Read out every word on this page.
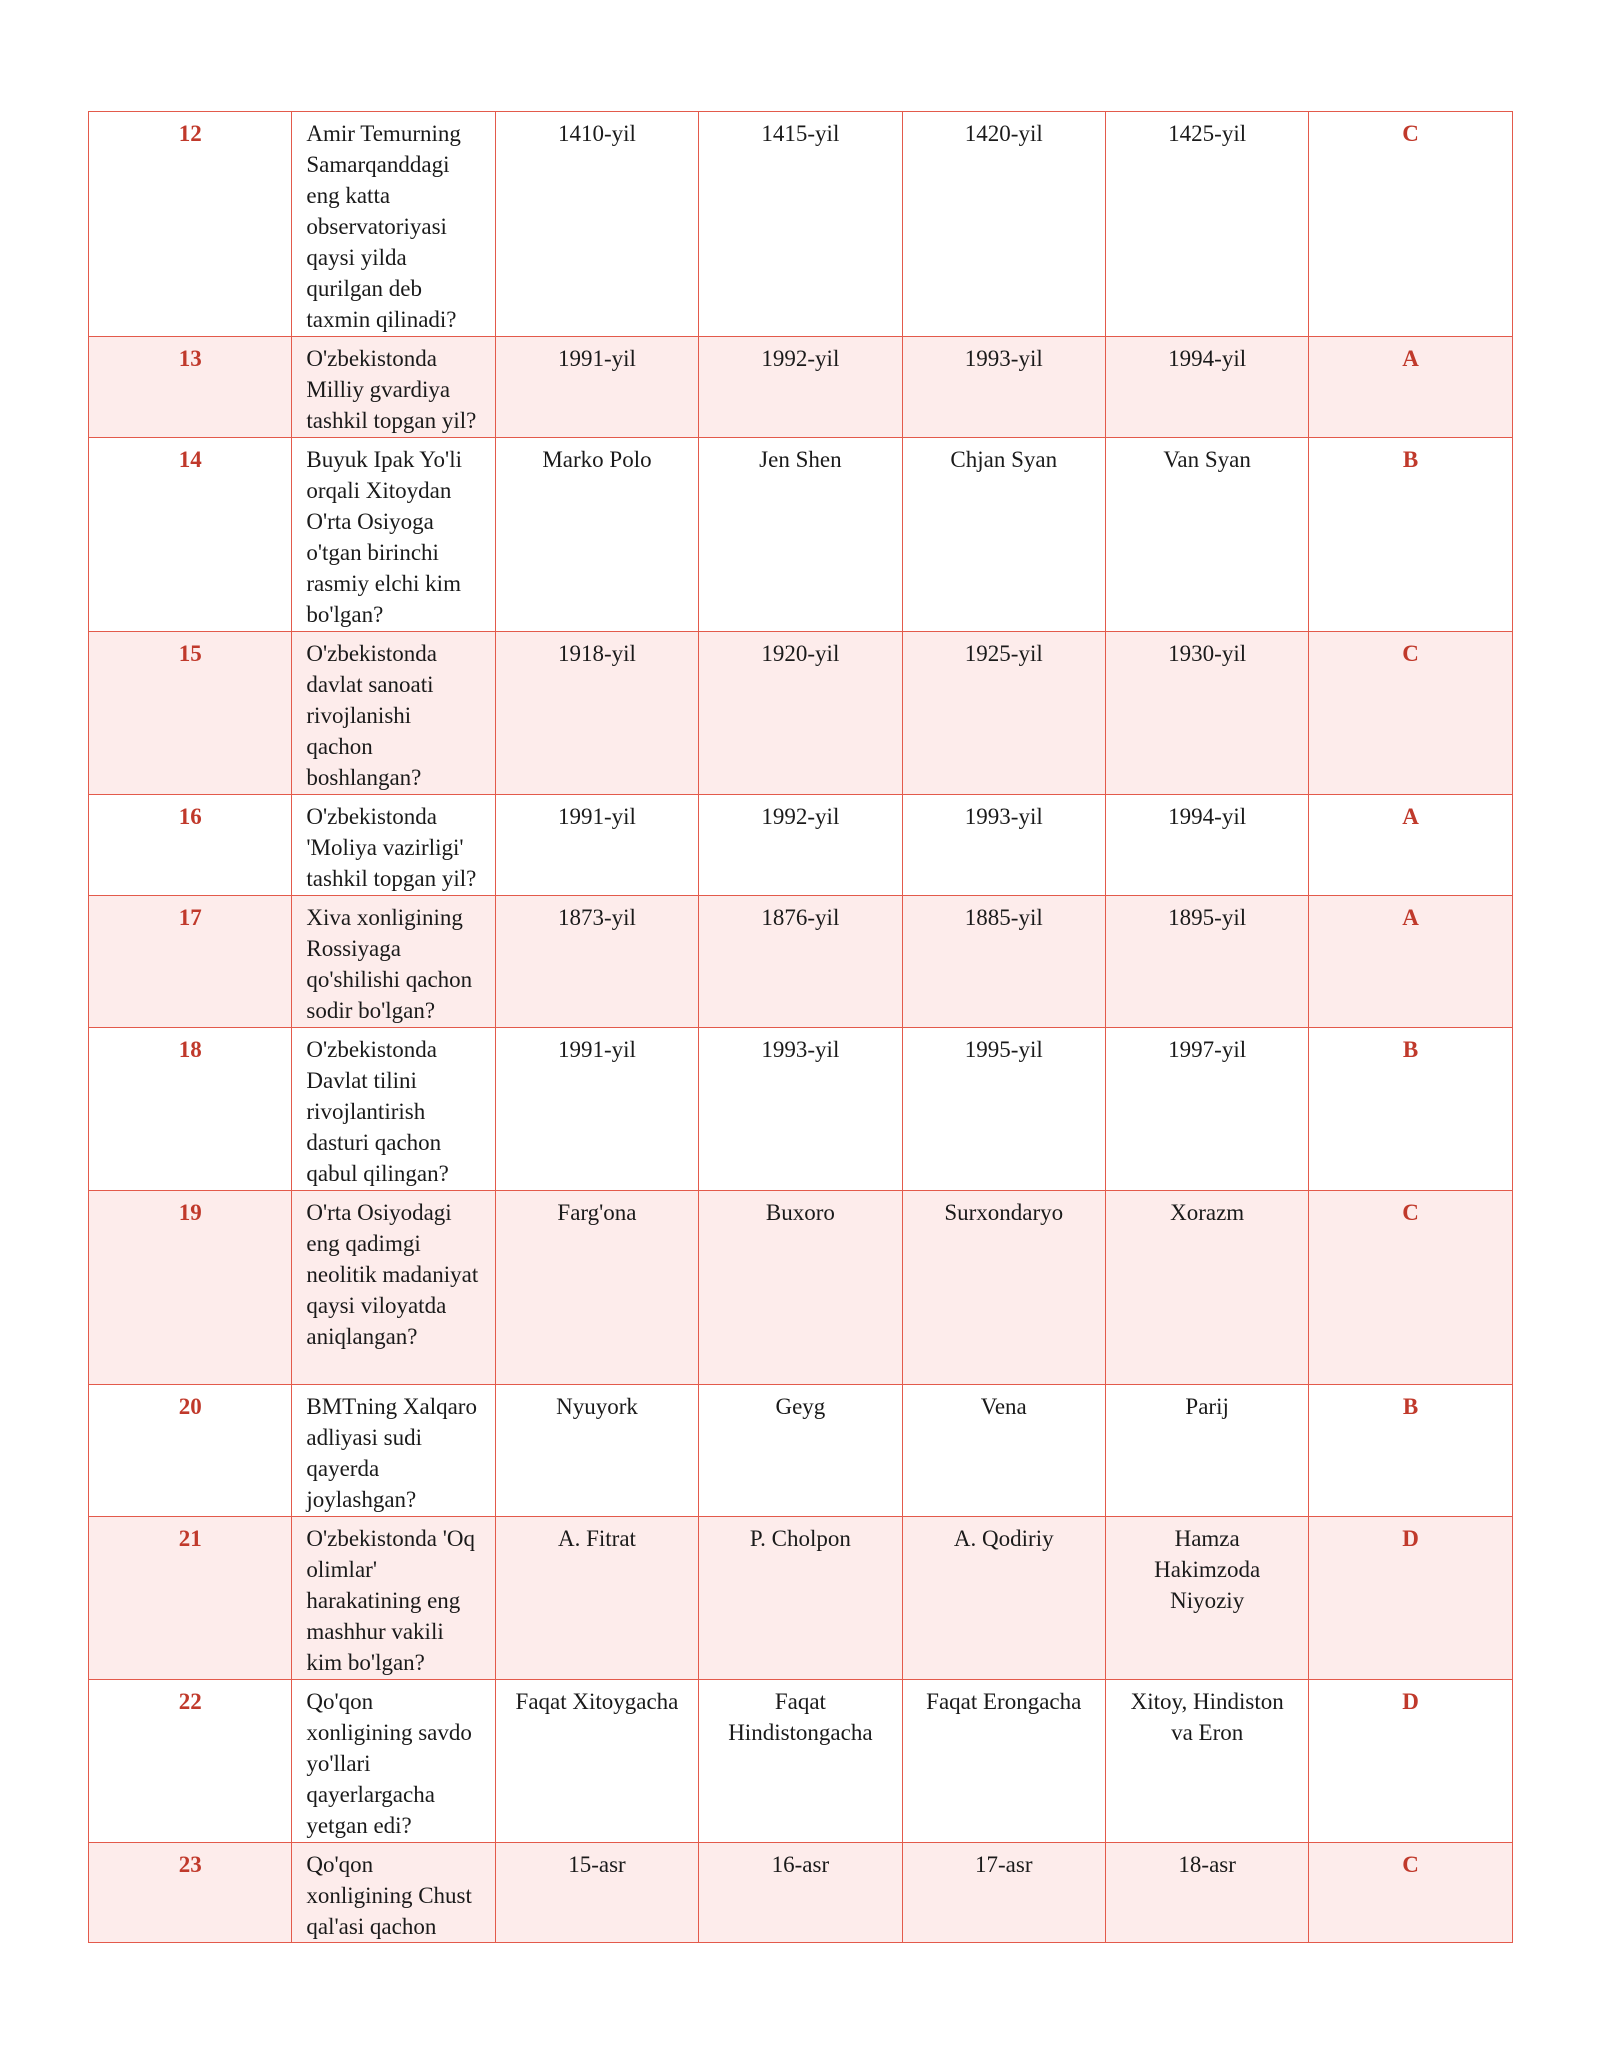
12	Amir Temurning Samarqanddagi eng katta observatoriyasi qaysi yilda qurilgan deb taxmin qilinadi?	1410-yil	1415-yil	1420-yil	1425-yil	C
13	O'zbekistonda Milliy gvardiya tashkil topgan yil?	1991-yil	1992-yil	1993-yil	1994-yil	A
14	Buyuk Ipak Yo'li orqali Xitoydan O'rta Osiyoga o'tgan birinchi rasmiy elchi kim bo'lgan?	Marko Polo	Jen Shen	Chjan Syan	Van Syan	B
15	O'zbekistonda davlat sanoati rivojlanishi qachon boshlangan?	1918-yil	1920-yil	1925-yil	1930-yil	C
16	O'zbekistonda 'Moliya vazirligi' tashkil topgan yil?	1991-yil	1992-yil	1993-yil	1994-yil	A
17	Xiva xonligining Rossiyaga qo'shilishi qachon sodir bo'lgan?	1873-yil	1876-yil	1885-yil	1895-yil	A
18	O'zbekistonda Davlat tilini rivojlantirish dasturi qachon qabul qilingan?	1991-yil	1993-yil	1995-yil	1997-yil	B
19	O'rta Osiyodagi eng qadimgi neolitik madaniyat qaysi viloyatda aniqlangan?	Farg'ona	Buxoro	Surxondaryo	Xorazm	C
20	BMTning Xalqaro adliyasi sudi qayerda joylashgan?	Nyuyork	Geyg	Vena	Parij	B
21	O'zbekistonda 'Oq olimlar' harakatining eng mashhur vakili kim bo'lgan?	A. Fitrat	P. Cholpon	A. Qodiriy	Hamza Hakimzoda Niyoziy	D
22	Qo'qon xonligining savdo yo'llari qayerlargacha yetgan edi?	Faqat Xitoygacha	Faqat Hindistongacha	Faqat Erongacha	Xitoy, Hindiston va Eron	D
23	Qo'qon xonligining Chust qal'asi qachon	15-asr	16-asr	17-asr	18-asr	C
